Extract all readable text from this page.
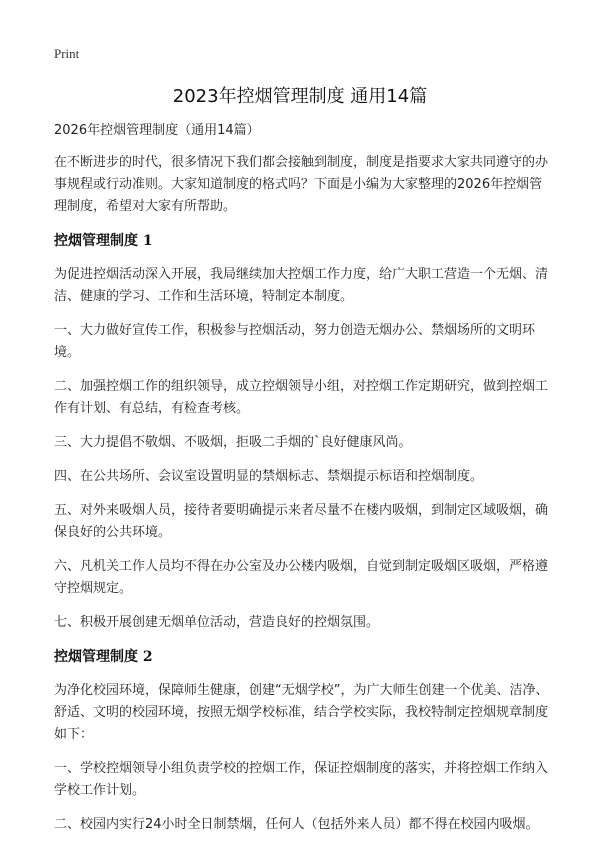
Print
2023年控烟管理制度 通用14篇

2026年控烟管理制度（通用14篇）

在不断进步的时代，很多情况下我们都会接触到制度，制度是指要求大家共同遵守的办事规程或行动准则。大家知道制度的格式吗？下面是小编为大家整理的2026年控烟管理制度，希望对大家有所帮助。

控烟管理制度 1

为促进控烟活动深入开展，我局继续加大控烟工作力度，给广大职工营造一个无烟、清洁、健康的学习、工作和生活环境，特制定本制度。

一、大力做好宣传工作，积极参与控烟活动，努力创造无烟办公、禁烟场所的文明环境。

二、加强控烟工作的组织领导，成立控烟领导小组，对控烟工作定期研究，做到控烟工作有计划、有总结，有检查考核。

三、大力提倡不敬烟、不吸烟，拒吸二手烟的`良好健康风尚。

四、在公共场所、会议室设置明显的禁烟标志、禁烟提示标语和控烟制度。

五、对外来吸烟人员，接待者要明确提示来者尽量不在楼内吸烟，到制定区域吸烟，确保良好的公共环境。

六、凡机关工作人员均不得在办公室及办公楼内吸烟，自觉到制定吸烟区吸烟，严格遵守控烟规定。

七、积极开展创建无烟单位活动，营造良好的控烟氛围。

控烟管理制度 2

为净化校园环境，保障师生健康，创建“无烟学校”，为广大师生创建一个优美、洁净、舒适、文明的校园环境，按照无烟学校标准，结合学校实际，我校特制定控烟规章制度如下：

一、学校控烟领导小组负责学校的控烟工作，保证控烟制度的落实，并将控烟工作纳入学校工作计划。

二、校园内实行24小时全日制禁烟，任何人（包括外来人员）都不得在校园内吸烟。
